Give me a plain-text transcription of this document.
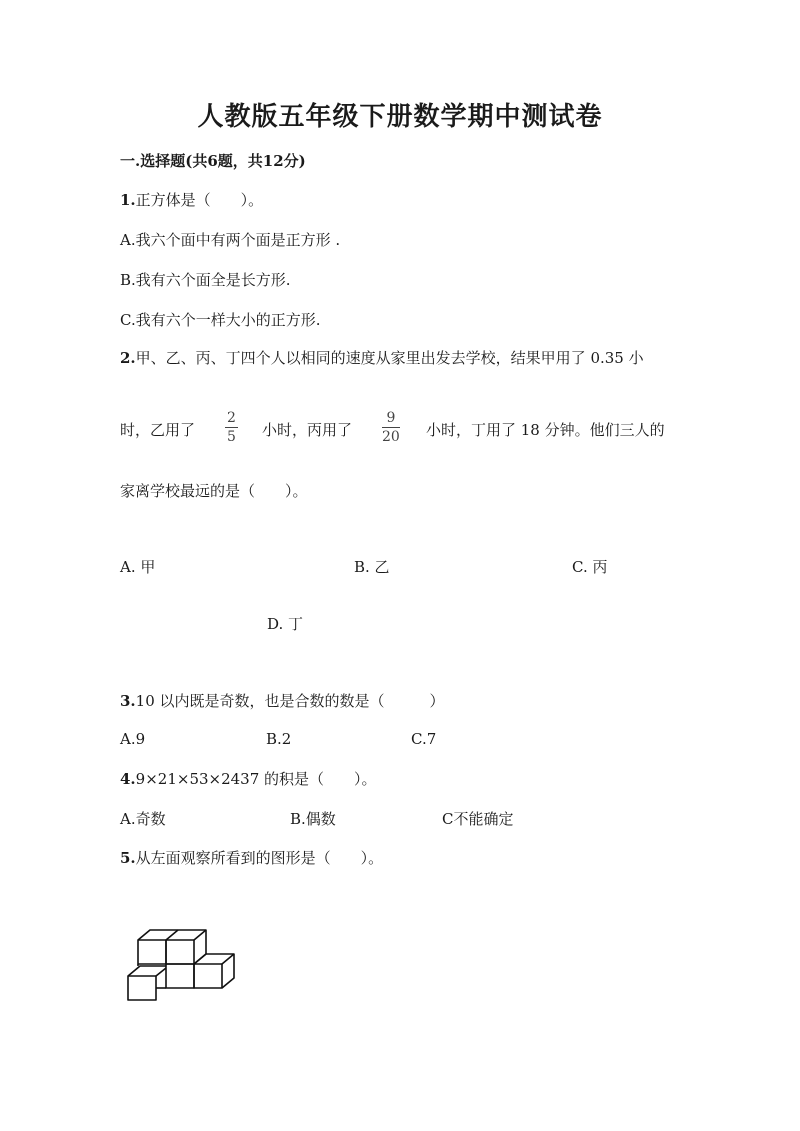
人教版五年级下册数学期中测试卷
一.选择题(共6题，共12分)
1.正方体是（　　）。
A.我六个面中有两个面是正方形 .
B.我有六个面全是长方形.
C.我有六个一样大小的正方形.
2.甲、乙、丙、丁四个人以相同的速度从家里出发去学校，结果甲用了 0.35 小
时，乙用了
2
5 小时，丙用了
9
20 小时，丁用了 18 分钟。他们三人的
家离学校最远的是（　　）。
A. 甲	B. 乙	C. 丙
D. 丁
3.10 以内既是奇数，也是合数的数是（　　　）
A.9	B.2	C.7
4.9×21×53×2437 的积是（　　）。
A.奇数	B.偶数	C不能确定
5.从左面观察所看到的图形是（　　）。
